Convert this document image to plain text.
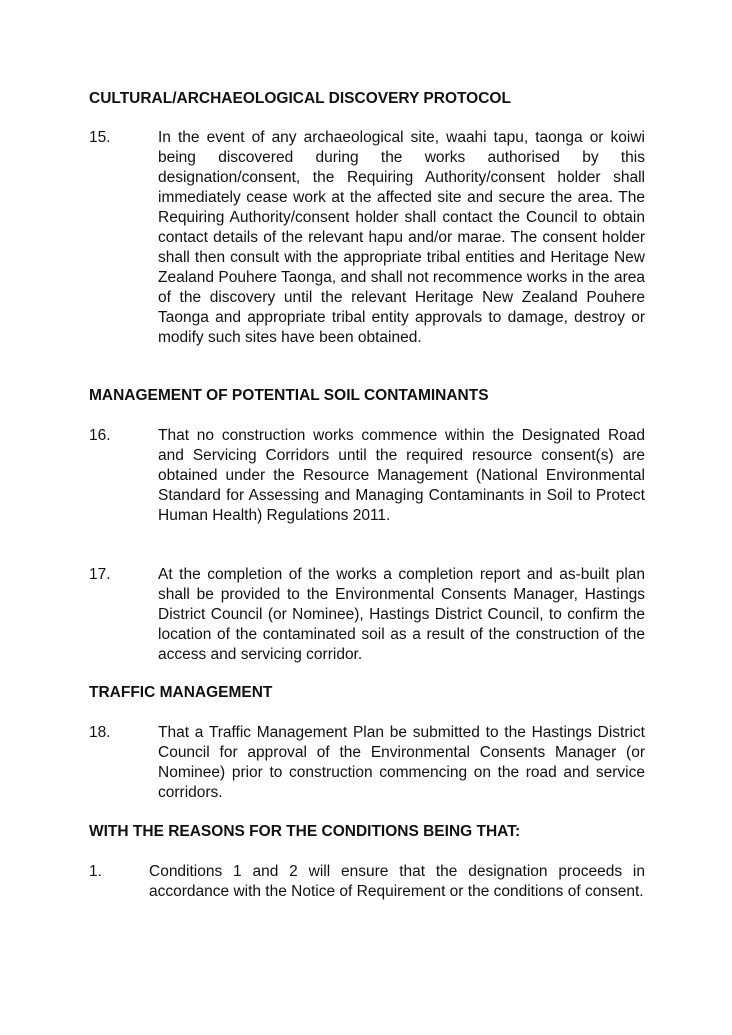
CULTURAL/ARCHAEOLOGICAL DISCOVERY PROTOCOL
15.	In the event of any archaeological site, waahi tapu, taonga or koiwi being discovered during the works authorised by this designation/consent, the Requiring Authority/consent holder shall immediately cease work at the affected site and secure the area. The Requiring Authority/consent holder shall contact the Council to obtain contact details of the relevant hapu and/or marae. The consent holder shall then consult with the appropriate tribal entities and Heritage New Zealand Pouhere Taonga, and shall not recommence works in the area of the discovery until the relevant Heritage New Zealand Pouhere Taonga and appropriate tribal entity approvals to damage, destroy or modify such sites have been obtained.

MANAGEMENT OF POTENTIAL SOIL CONTAMINANTS
16.	That no construction works commence within the Designated Road and Servicing Corridors until the required resource consent(s) are obtained under the Resource Management (National Environmental Standard for Assessing and Managing Contaminants in Soil to Protect Human Health) Regulations 2011.

17.	At the completion of the works a completion report and as-built plan shall be provided to the Environmental Consents Manager, Hastings District Council (or Nominee), Hastings District Council, to confirm the location of the contaminated soil as a result of the construction of the access and servicing corridor.

TRAFFIC MANAGEMENT
18.	That a Traffic Management Plan be submitted to the Hastings District Council for approval of the Environmental Consents Manager (or Nominee) prior to construction commencing on the road and service corridors.

WITH THE REASONS FOR THE CONDITIONS BEING THAT:
1.	Conditions 1 and 2 will ensure that the designation proceeds in accordance with the Notice of Requirement or the conditions of consent.
